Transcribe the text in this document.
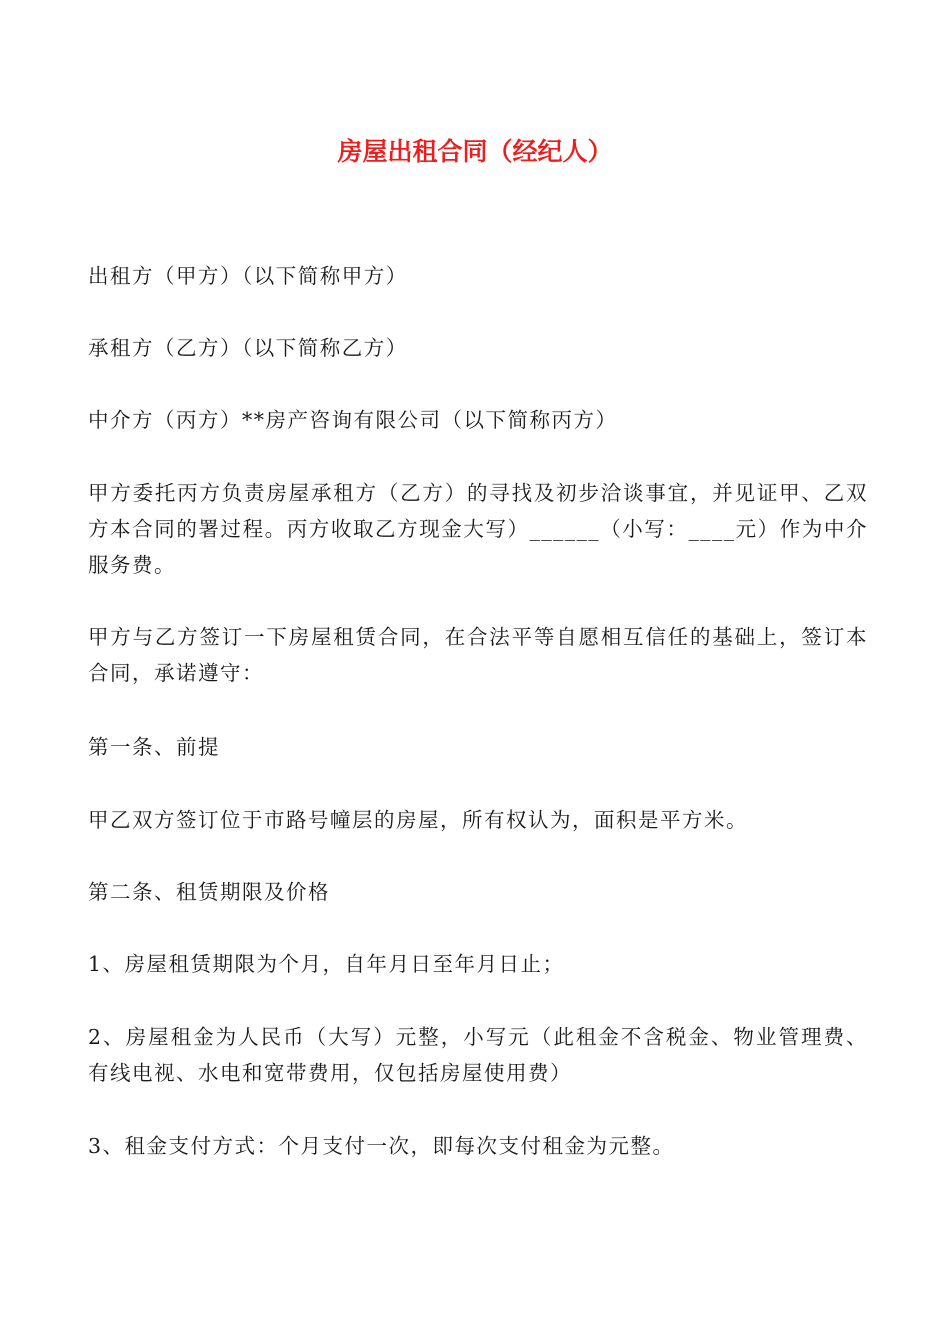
房屋出租合同（经纪人）

出租方（甲方）（以下简称甲方）

承租方（乙方）（以下简称乙方）

中介方（丙方）**房产咨询有限公司（以下简称丙方）

甲方委托丙方负责房屋承租方（乙方）的寻找及初步洽谈事宜，并见证甲、乙双方本合同的署过程。丙方收取乙方现金大写）______（小写：____元）作为中介服务费。

甲方与乙方签订一下房屋租赁合同，在合法平等自愿相互信任的基础上，签订本合同，承诺遵守：

第一条、前提

甲乙双方签订位于市路号幢层的房屋，所有权认为，面积是平方米。

第二条、租赁期限及价格

1、房屋租赁期限为个月，自年月日至年月日止；

2、房屋租金为人民币（大写）元整，小写元（此租金不含税金、物业管理费、有线电视、水电和宽带费用，仅包括房屋使用费）

3、租金支付方式：个月支付一次，即每次支付租金为元整。
